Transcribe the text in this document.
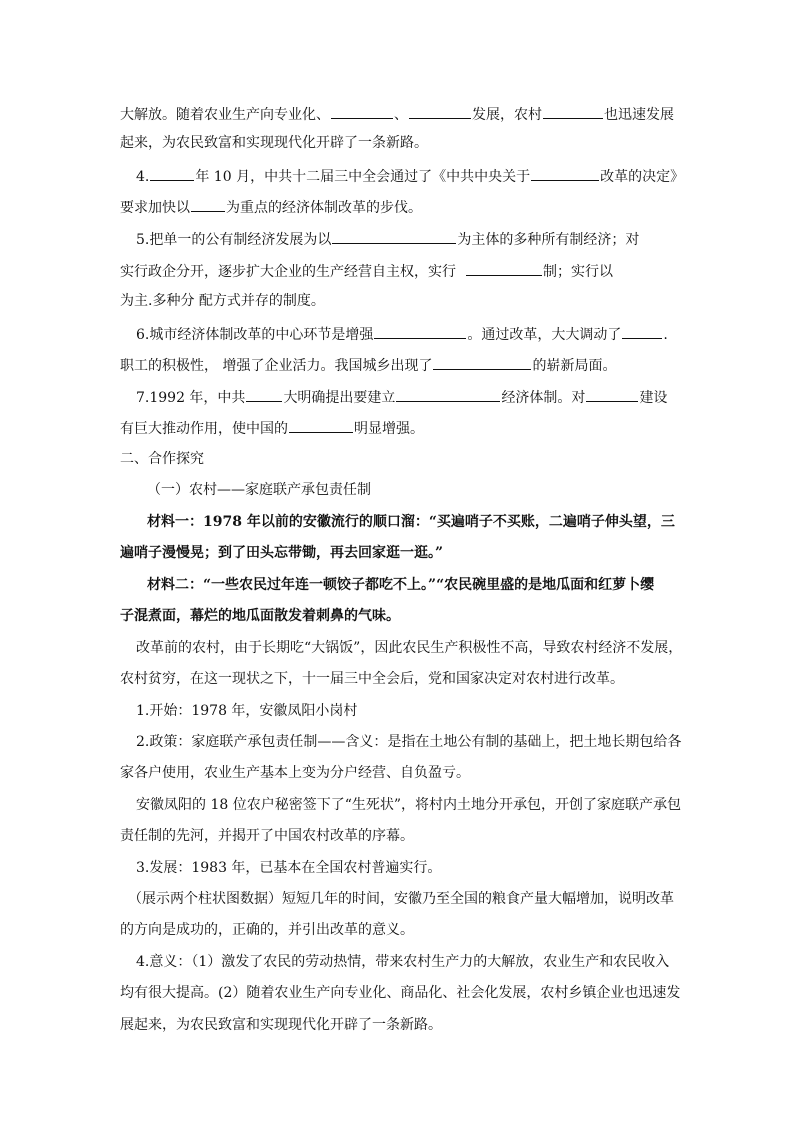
大解放。随着农业生产向专业化、	、	发展，农村	也迅速发展
起来，为农民致富和实现现代化开辟了一条新路。
4.	年 10 月，中共十二届三中全会通过了《中共中央关于	改革的决定》
要求加快以	为重点的经济体制改革的步伐。
5.把单一的公有制经济发展为以	为主体的多种所有制经济；对
实行政企分开，逐步扩大企业的生产经营自主权，实行	制；实行以
为主.多种分 配方式并存的制度。
6.城市经济体制改革的中心环节是增强	。通过改革，大大调动了	.
职工的积极性， 增强了企业活力。我国城乡出现了	的崭新局面。
7.1992 年，中共	大明确提出要建立	经济体制。对	建设
有巨大推动作用，使中国的	明显增强。
二、合作探究
（一）农村——家庭联产承包责任制
材料一：1978 年以前的安徽流行的顺口溜：“买遍哨子不买账，二遍哨子伸头望，三
遍哨子漫慢晃；到了田头忘带锄，再去回家逛一逛。”
材料二：“一些农民过年连一顿饺子都吃不上。”“农民碗里盛的是地瓜面和红萝卜缨
子混煮面，幕烂的地瓜面散发着刺鼻的气味。
改革前的农村，由于长期吃“大锅饭”，因此农民生产积极性不高，导致农村经济不发展，
农村贫穷，在这一现状之下，十一届三中全会后，党和国家决定对农村进行改革。
1.开始：1978 年，安徽凤阳小岗村
2.政策：家庭联产承包责任制——含义：是指在土地公有制的基础上，把土地长期包给各
家各户使用，农业生产基本上变为分户经营、自负盈亏。
安徽凤阳的 18 位农户秘密签下了“生死状”，将村内土地分开承包，开创了家庭联产承包
责任制的先河，并揭开了中国农村改革的序幕。
3.发展：1983 年，已基本在全国农村普遍实行。
（展示两个柱状图数据）短短几年的时间，安徽乃至全国的粮食产量大幅增加，说明改革
的方向是成功的，正确的，并引出改革的意义。
4.意义：（1）激发了农民的劳动热情，带来农村生产力的大解放，农业生产和农民收入
均有很大提高。(2）随着农业生产向专业化、商品化、社会化发展，农村乡镇企业也迅速发
展起来，为农民致富和实现现代化开辟了一条新路。
